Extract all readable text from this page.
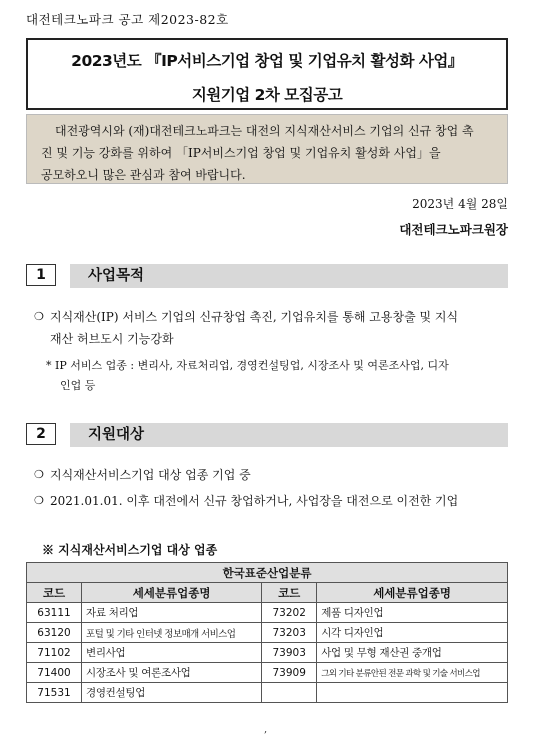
대전테크노파크 공고 제2023-82호
2023년도 『IP서비스기업 창업 및 기업유치 활성화 사업』
지원기업 2차 모집공고
대전광역시와 (재)대전테크노파크는 대전의 지식재산서비스 기업의 신규 창업 촉
진 및 기능 강화를 위하여 「IP서비스기업 창업 및 기업유치 활성화 사업」을
공모하오니 많은 관심과 참여 바랍니다.
2023년 4월 28일
대전테크노파크원장
1	사업목적
❍ 지식재산(IP) 서비스 기업의 신규창업 촉진, 기업유치를 통해 고용창출 및 지식
재산 허브도시 기능강화
* IP 서비스 업종 : 변리사, 자료처리업, 경영컨설팅업, 시장조사 및 여론조사업, 디자
인업 등
2	지원대상
❍ 지식재산서비스기업 대상 업종 기업 중
❍ 2021.01.01. 이후 대전에서 신규 창업하거나, 사업장을 대전으로 이전한 기업
※ 지식재산서비스기업 대상 업종
한국표준산업분류			
코드	세세분류업종명	코드	세세분류업종명
63111	자료 처리업	73202	제품 디자인업
63120	포털 및 기타 인터넷 정보매개 서비스업	73203	시각 디자인업
71102	변리사업	73903	사업 및 무형 재산권 중개업
71400	시장조사 및 여론조사업	73909	그외 기타 분류안된 전문 과학 및 기술 서비스업
71531	경영컨설팅업		
,
